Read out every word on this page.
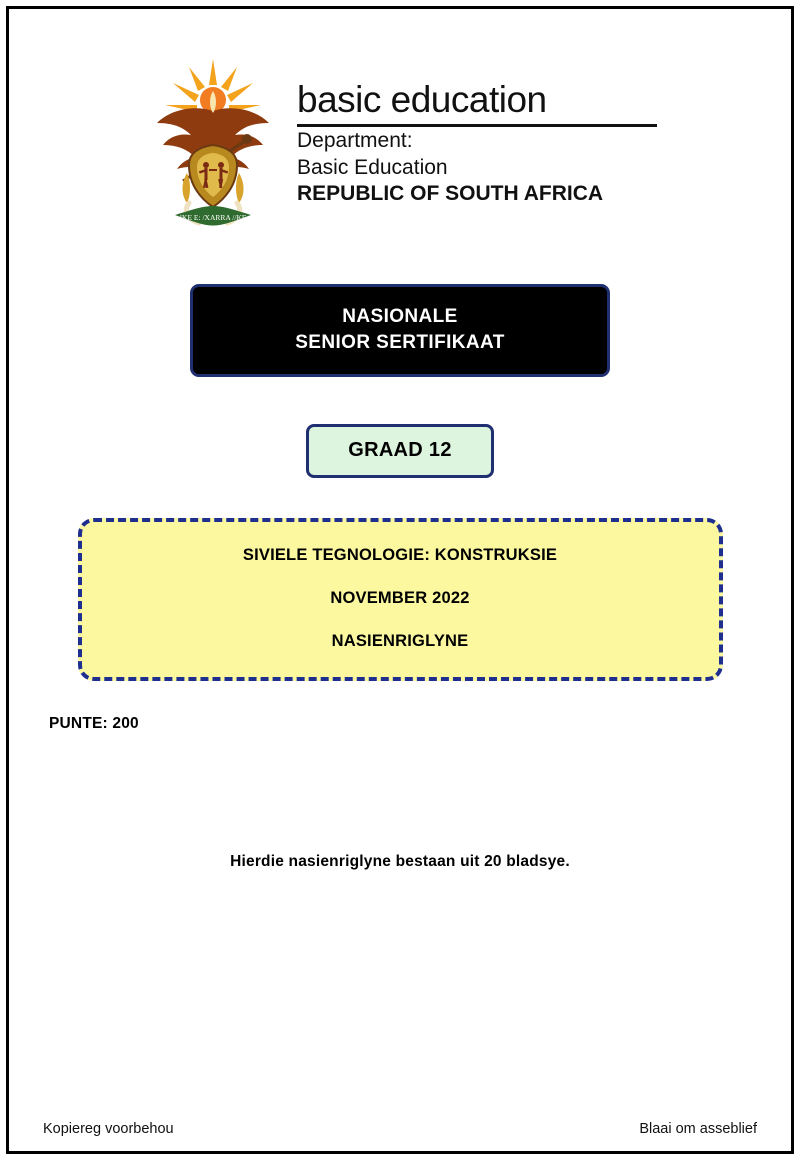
!KE E: /XARRA //KE
basic education
Department:
Basic Education
REPUBLIC OF SOUTH AFRICA
NASIONALE
SENIOR SERTIFIKAAT
GRAAD 12
SIVIELE TEGNOLOGIE: KONSTRUKSIE
NOVEMBER 2022
NASIENRIGLYNE
PUNTE: 200
Hierdie nasienriglyne bestaan uit 20 bladsye.
Kopiereg voorbehou	Blaai om asseblief
